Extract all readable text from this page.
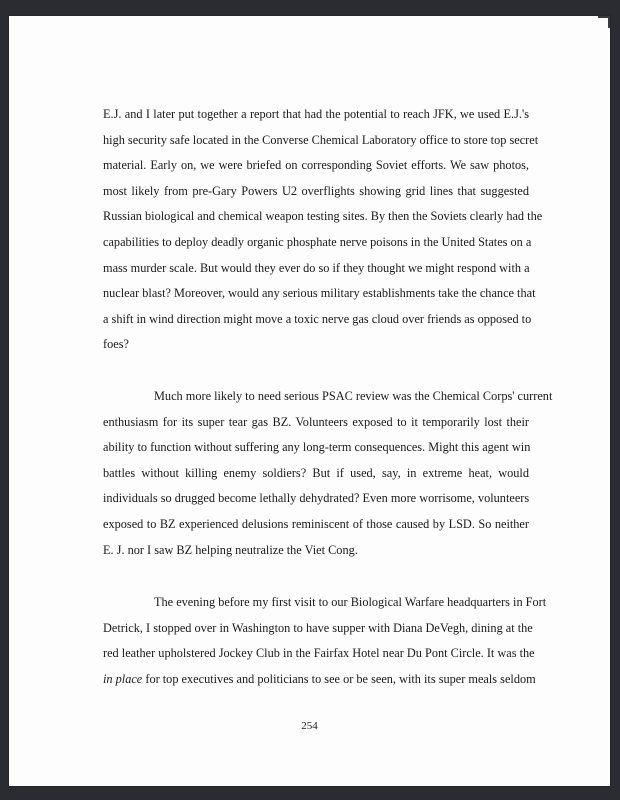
E.J. and I later put together a report that had the potential to reach JFK, we used E.J.'s
high security safe located in the Converse Chemical Laboratory office to store top secret
material. Early on, we were briefed on corresponding Soviet efforts. We saw photos,
most likely from pre-Gary Powers U2 overflights showing grid lines that suggested
Russian biological and chemical weapon testing sites. By then the Soviets clearly had the
capabilities to deploy deadly organic phosphate nerve poisons in the United States on a
mass murder scale. But would they ever do so if they thought we might respond with a
nuclear blast? Moreover, would any serious military establishments take the chance that
a shift in wind direction might move a toxic nerve gas cloud over friends as opposed to
foes?
Much more likely to need serious PSAC review was the Chemical Corps' current
enthusiasm for its super tear gas BZ. Volunteers exposed to it temporarily lost their
ability to function without suffering any long-term consequences. Might this agent win
battles without killing enemy soldiers? But if used, say, in extreme heat, would
individuals so drugged become lethally dehydrated? Even more worrisome, volunteers
exposed to BZ experienced delusions reminiscent of those caused by LSD. So neither
E. J. nor I saw BZ helping neutralize the Viet Cong.
The evening before my first visit to our Biological Warfare headquarters in Fort
Detrick, I stopped over in Washington to have supper with Diana DeVegh, dining at the
red leather upholstered Jockey Club in the Fairfax Hotel near Du Pont Circle. It was the
in place for top executives and politicians to see or be seen, with its super meals seldom
254
